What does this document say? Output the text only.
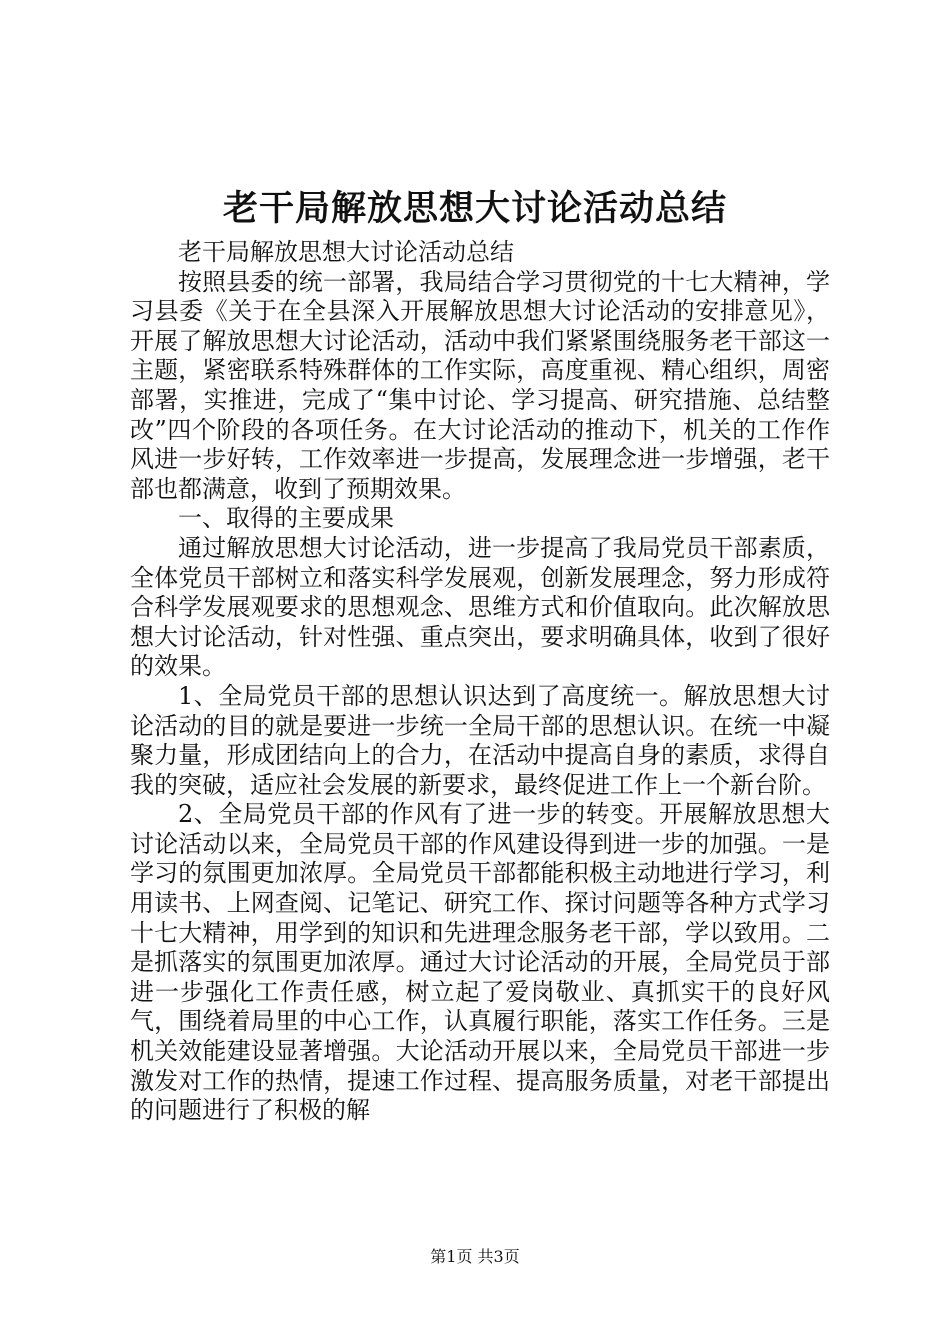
老干局解放思想大讨论活动总结

老干局解放思想大讨论活动总结

按照县委的统一部署，我局结合学习贯彻党的十七大精神，学习县委《关于在全县深入开展解放思想大讨论活动的安排意见》，开展了解放思想大讨论活动，活动中我们紧紧围绕服务老干部这一主题，紧密联系特殊群体的工作实际，高度重视、精心组织，周密部署，实推进，完成了“集中讨论、学习提高、研究措施、总结整改”四个阶段的各项任务。在大讨论活动的推动下，机关的工作作风进一步好转，工作效率进一步提高，发展理念进一步增强，老干部也都满意，收到了预期效果。

一、取得的主要成果

通过解放思想大讨论活动，进一步提高了我局党员干部素质，全体党员干部树立和落实科学发展观，创新发展理念，努力形成符合科学发展观要求的思想观念、思维方式和价值取向。此次解放思想大讨论活动，针对性强、重点突出，要求明确具体，收到了很好的效果。

1、全局党员干部的思想认识达到了高度统一。解放思想大讨论活动的目的就是要进一步统一全局干部的思想认识。在统一中凝聚力量，形成团结向上的合力，在活动中提高自身的素质，求得自我的突破，适应社会发展的新要求，最终促进工作上一个新台阶。

2、全局党员干部的作风有了进一步的转变。开展解放思想大讨论活动以来，全局党员干部的作风建设得到进一步的加强。一是学习的氛围更加浓厚。全局党员干部都能积极主动地进行学习，利用读书、上网查阅、记笔记、研究工作、探讨问题等各种方式学习十七大精神，用学到的知识和先进理念服务老干部，学以致用。二是抓落实的氛围更加浓厚。通过大讨论活动的开展，全局党员于部进一步强化工作责任感，树立起了爱岗敬业、真抓实干的良好风气，围绕着局里的中心工作，认真履行职能，落实工作任务。三是机关效能建设显著增强。大论活动开展以来，全局党员干部进一步激发对工作的热情，提速工作过程、提高服务质量，对老干部提出的问题进行了积极的解

第1页 共3页
